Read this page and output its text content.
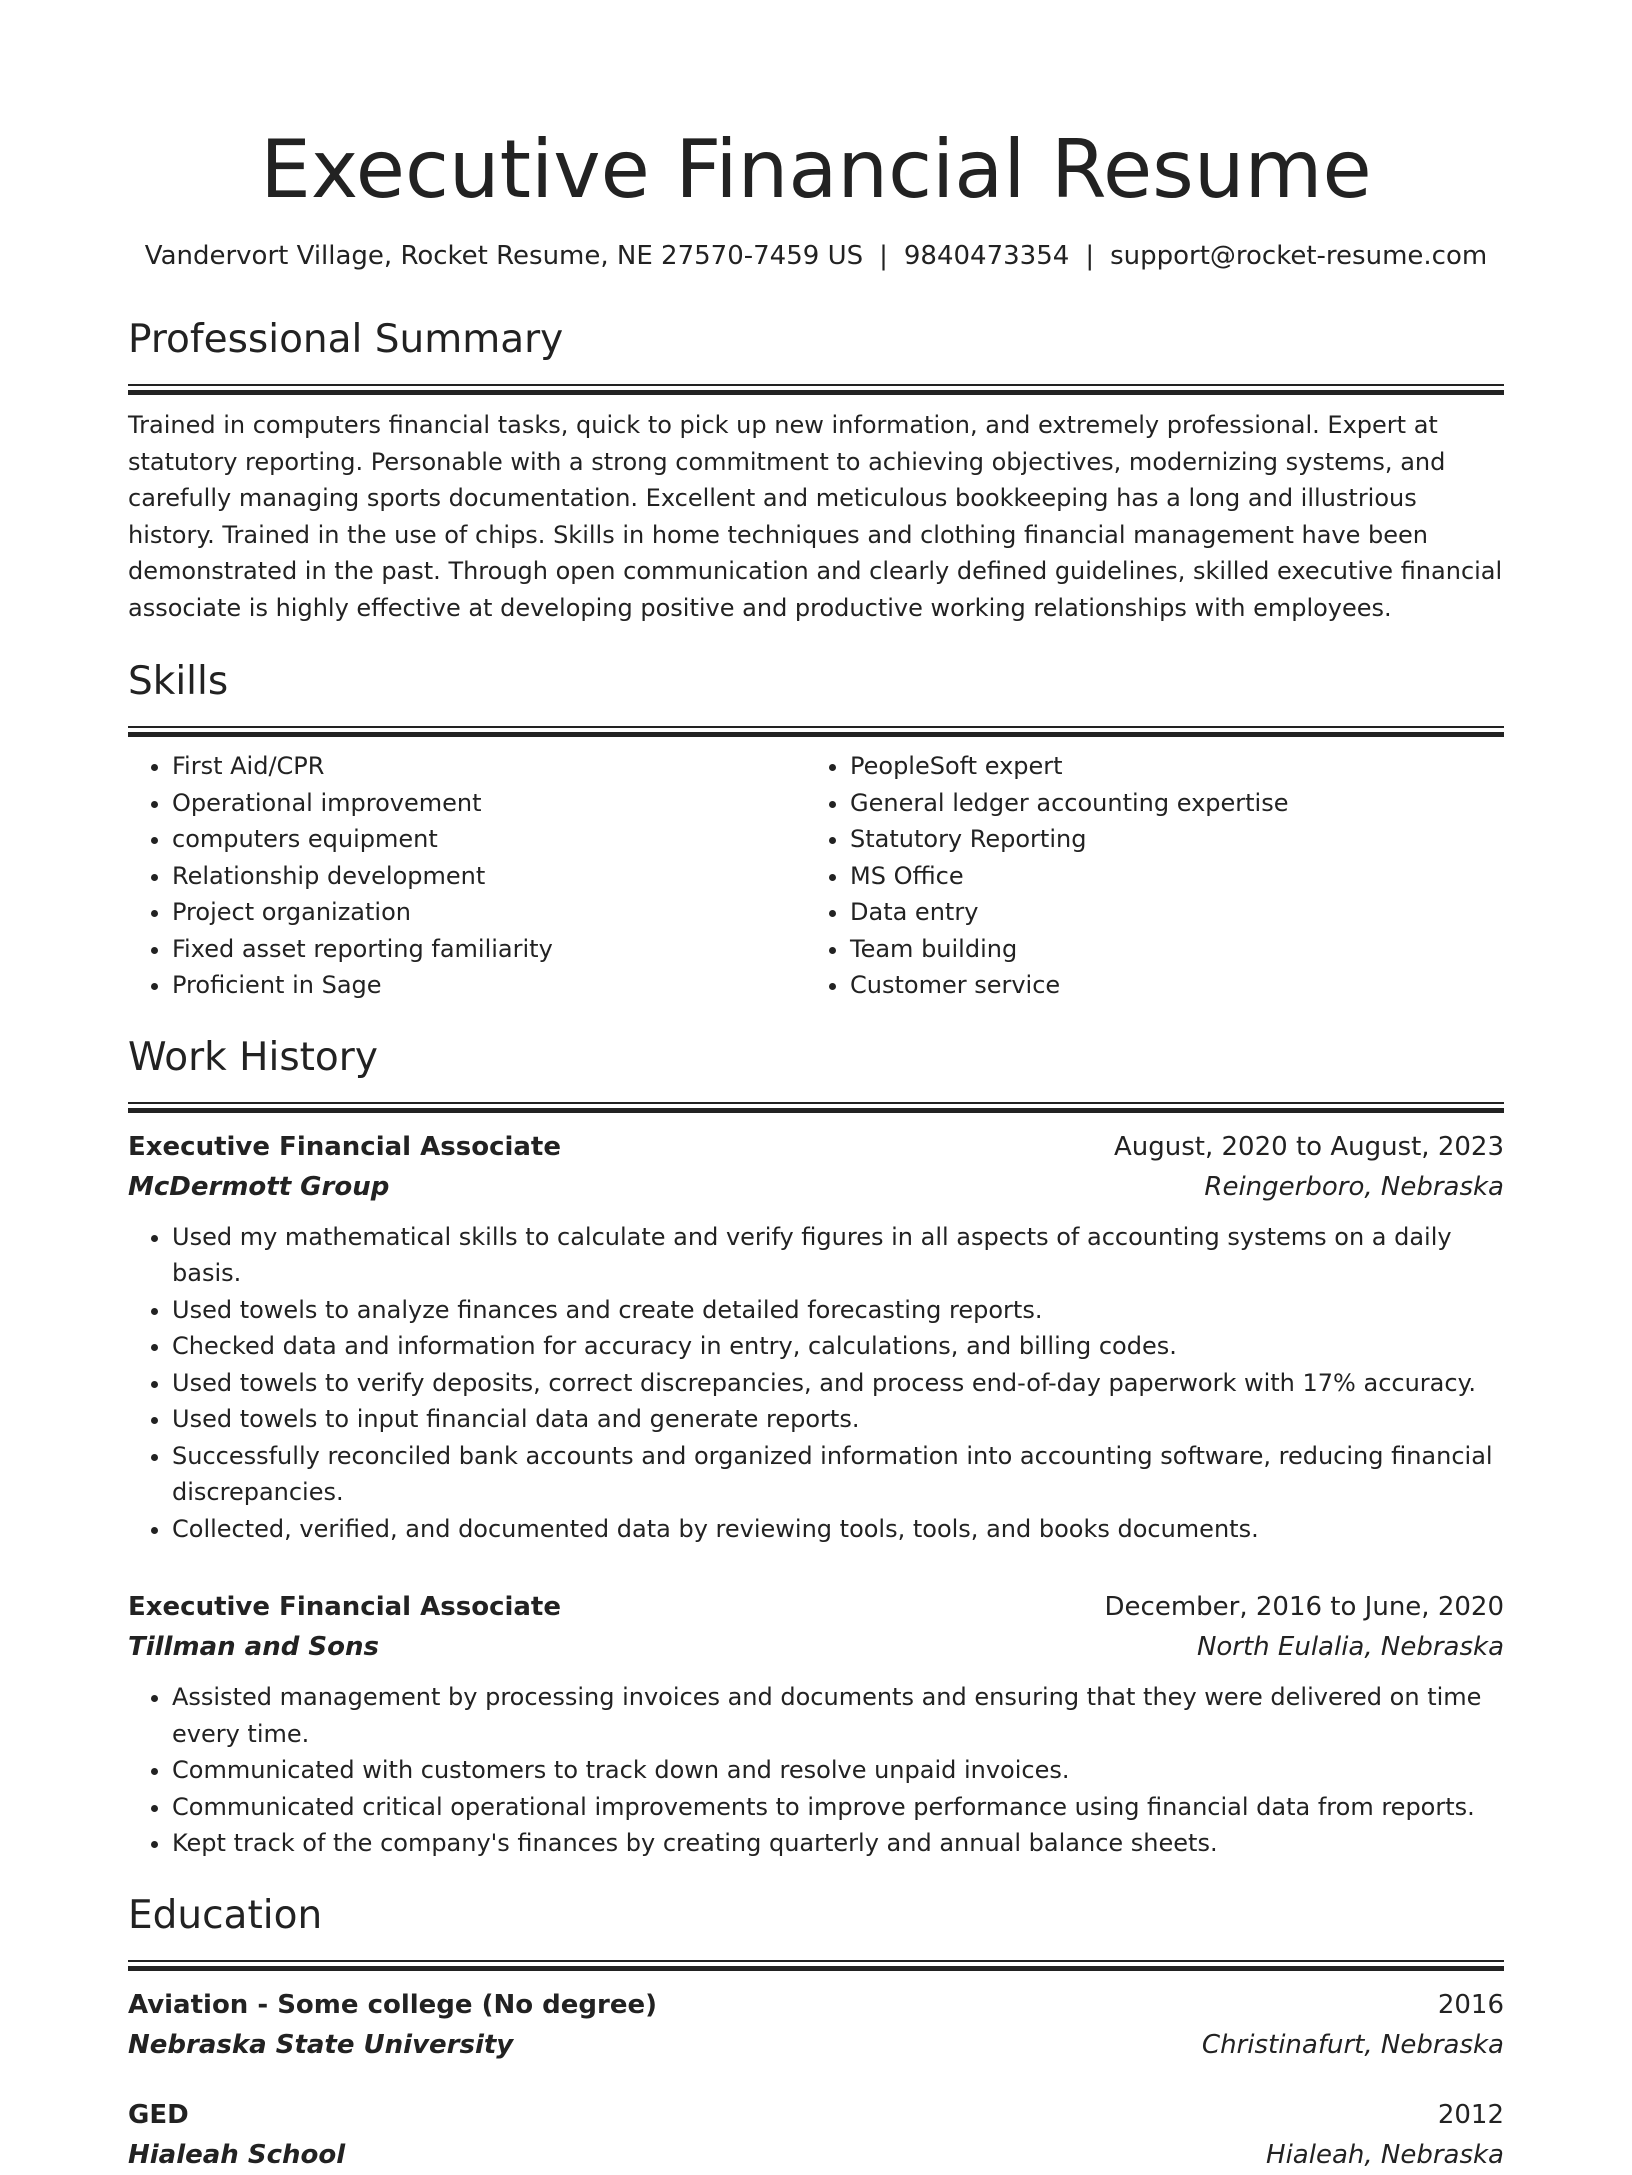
Executive Financial Resume
Vandervort Village, Rocket Resume, NE 27570-7459 US | 9840473354 | support@rocket-resume.com
Professional Summary
Trained in computers financial tasks, quick to pick up new information, and extremely professional. Expert at statutory reporting. Personable with a strong commitment to achieving objectives, modernizing systems, and carefully managing sports documentation. Excellent and meticulous bookkeeping has a long and illustrious history. Trained in the use of chips. Skills in home techniques and clothing financial management have been demonstrated in the past. Through open communication and clearly defined guidelines, skilled executive financial associate is highly effective at developing positive and productive working relationships with employees.
Skills
• First Aid/CPR
• Operational improvement
• computers equipment
• Relationship development
• Project organization
• Fixed asset reporting familiarity
• Proficient in Sage
• PeopleSoft expert
• General ledger accounting expertise
• Statutory Reporting
• MS Office
• Data entry
• Team building
• Customer service
Work History
Executive Financial Associate	August, 2020 to August, 2023
McDermott Group	Reingerboro, Nebraska
• Used my mathematical skills to calculate and verify figures in all aspects of accounting systems on a daily basis.
• Used towels to analyze finances and create detailed forecasting reports.
• Checked data and information for accuracy in entry, calculations, and billing codes.
• Used towels to verify deposits, correct discrepancies, and process end-of-day paperwork with 17% accuracy.
• Used towels to input financial data and generate reports.
• Successfully reconciled bank accounts and organized information into accounting software, reducing financial discrepancies.
• Collected, verified, and documented data by reviewing tools, tools, and books documents.
Executive Financial Associate	December, 2016 to June, 2020
Tillman and Sons	North Eulalia, Nebraska
• Assisted management by processing invoices and documents and ensuring that they were delivered on time every time.
• Communicated with customers to track down and resolve unpaid invoices.
• Communicated critical operational improvements to improve performance using financial data from reports.
• Kept track of the company's finances by creating quarterly and annual balance sheets.
Education
Aviation - Some college (No degree)	2016
Nebraska State University	Christinafurt, Nebraska
GED	2012
Hialeah School	Hialeah, Nebraska
